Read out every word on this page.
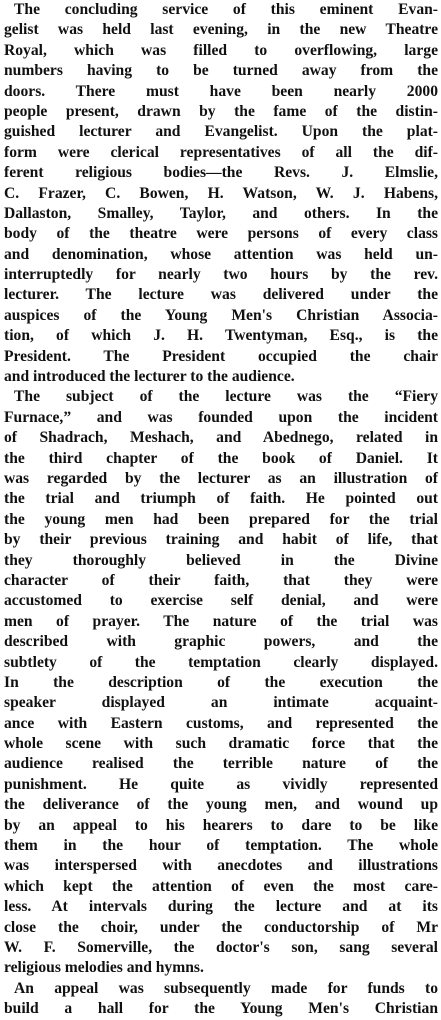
The concluding service of this eminent Evan-
gelist was held last evening, in the new Theatre
Royal, which was filled to overflowing, large
numbers having to be turned away from the
doors. There must have been nearly 2000
people present, drawn by the fame of the distin-
guished lecturer and Evangelist. Upon the plat-
form were clerical representatives of all the dif-
ferent religious bodies—the Revs. J. Elmslie,
C. Frazer, C. Bowen, H. Watson, W. J. Habens,
Dallaston, Smalley, Taylor, and others. In the
body of the theatre were persons of every class
and denomination, whose attention was held un-
interruptedly for nearly two hours by the rev.
lecturer. The lecture was delivered under the
auspices of the Young Men's Christian Associa-
tion, of which J. H. Twentyman, Esq., is the
President. The President occupied the chair
and introduced the lecturer to the audience.
The subject of the lecture was the “Fiery
Furnace,” and was founded upon the incident
of Shadrach, Meshach, and Abednego, related in
the third chapter of the book of Daniel. It
was regarded by the lecturer as an illustration of
the trial and triumph of faith. He pointed out
the young men had been prepared for the trial
by their previous training and habit of life, that
they thoroughly believed in the Divine
character of their faith, that they were
accustomed to exercise self denial, and were
men of prayer. The nature of the trial was
described with graphic powers, and the
subtlety of the temptation clearly displayed.
In the description of the execution the
speaker displayed an intimate acquaint-
ance with Eastern customs, and represented the
whole scene with such dramatic force that the
audience realised the terrible nature of the
punishment. He quite as vividly represented
the deliverance of the young men, and wound up
by an appeal to his hearers to dare to be like
them in the hour of temptation. The whole
was interspersed with anecdotes and illustrations
which kept the attention of even the most care-
less. At intervals during the lecture and at its
close the choir, under the conductorship of Mr
W. F. Somerville, the doctor's son, sang several
religious melodies and hymns.
An appeal was subsequently made for funds to
build a hall for the Young Men's Christian
